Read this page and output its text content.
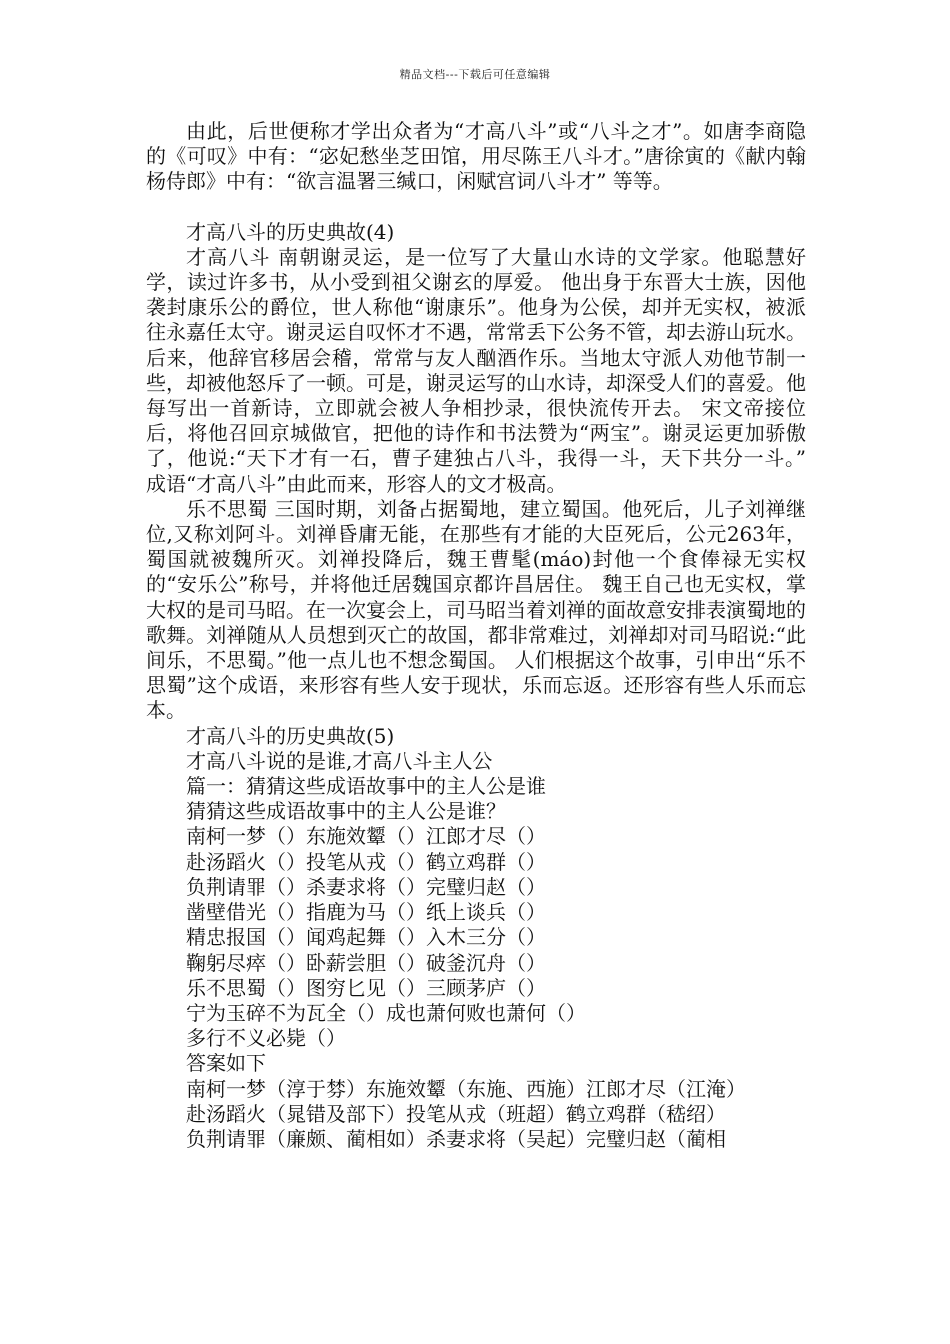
精品文档---下载后可任意编辑

由此，后世便称才学出众者为“才高八斗”或“八斗之才”。如唐李商隐的《可叹》中有：“宓妃愁坐芝田馆，用尽陈王八斗才。”唐徐寅的《献内翰杨侍郎》中有：“欲言温署三缄口，闲赋宫词八斗才” 等等。

才高八斗的历史典故(4)

才高八斗 南朝谢灵运，是一位写了大量山水诗的文学家。他聪慧好学，读过许多书，从小受到祖父谢玄的厚爱。 他出身于东晋大士族，因他袭封康乐公的爵位，世人称他“谢康乐”。他身为公侯，却并无实权，被派往永嘉任太守。谢灵运自叹怀才不遇，常常丢下公务不管，却去游山玩水。后来，他辞官移居会稽，常常与友人酗酒作乐。当地太守派人劝他节制一些，却被他怒斥了一顿。可是，谢灵运写的山水诗，却深受人们的喜爱。他每写出一首新诗，立即就会被人争相抄录，很快流传开去。 宋文帝接位后，将他召回京城做官，把他的诗作和书法赞为“两宝”。谢灵运更加骄傲了，他说:“天下才有一石，曹子建独占八斗，我得一斗，天下共分一斗。” 成语“才高八斗”由此而来，形容人的文才极高。

乐不思蜀 三国时期，刘备占据蜀地，建立蜀国。他死后，儿子刘禅继位,又称刘阿斗。刘禅昏庸无能，在那些有才能的大臣死后，公元263年，蜀国就被魏所灭。刘禅投降后，魏王曹髦(máo)封他一个食俸禄无实权的“安乐公”称号，并将他迁居魏国京都许昌居住。 魏王自己也无实权，掌大权的是司马昭。在一次宴会上，司马昭当着刘禅的面故意安排表演蜀地的歌舞。刘禅随从人员想到灭亡的故国，都非常难过，刘禅却对司马昭说:“此间乐，不思蜀。”他一点儿也不想念蜀国。 人们根据这个故事，引申出“乐不思蜀”这个成语，来形容有些人安于现状，乐而忘返。还形容有些人乐而忘本。

才高八斗的历史典故(5)

才高八斗说的是谁,才高八斗主人公

篇一：猜猜这些成语故事中的主人公是谁

猜猜这些成语故事中的主人公是谁？

南柯一梦（）东施效颦（）江郎才尽（）

赴汤蹈火（）投笔从戎（）鹤立鸡群（）

负荆请罪（）杀妻求将（）完璧归赵（）

凿壁借光（）指鹿为马（）纸上谈兵（）

精忠报国（）闻鸡起舞（）入木三分（）

鞠躬尽瘁（）卧薪尝胆（）破釜沉舟（）

乐不思蜀（）图穷匕见（）三顾茅庐（）

宁为玉碎不为瓦全（）成也萧何败也萧何（）

多行不义必毙（）

答案如下

南柯一梦（淳于棼）东施效颦（东施、西施）江郎才尽（江淹）

赴汤蹈火（晁错及部下）投笔从戎（班超）鹤立鸡群（嵇绍）

负荆请罪（廉颇、蔺相如）杀妻求将（吴起）完璧归赵（蔺相
